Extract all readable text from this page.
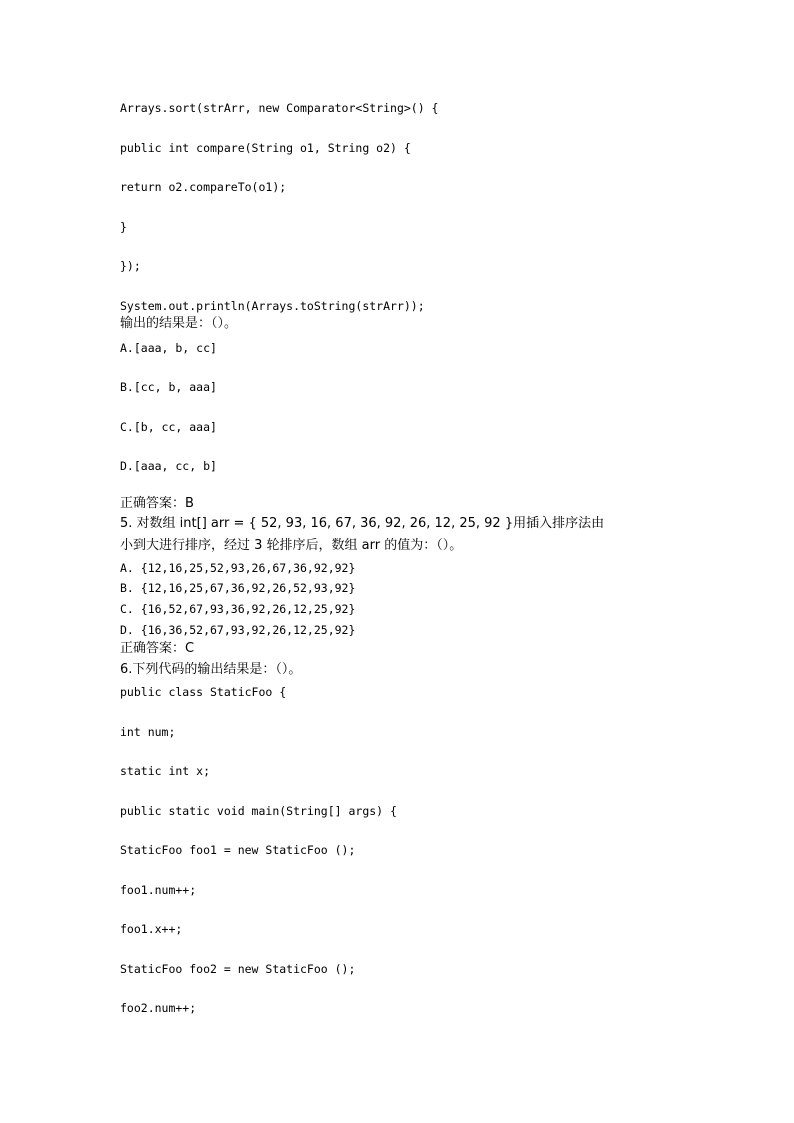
Arrays.sort(strArr, new Comparator<String>() {
public int compare(String o1, String o2) {
return o2.compareTo(o1);
}
});
System.out.println(Arrays.toString(strArr));
输出的结果是：（）。
A.[aaa, b, cc]
B.[cc, b, aaa]
C.[b, cc, aaa]
D.[aaa, cc, b]
正确答案：B
5. 对数组 int[] arr = { 52, 93, 16, 67, 36, 92, 26, 12, 25, 92 }用插入排序法由
小到大进行排序，经过 3 轮排序后，数组 arr 的值为：（）。
A. {12,16,25,52,93,26,67,36,92,92}
B. {12,16,25,67,36,92,26,52,93,92}
C. {16,52,67,93,36,92,26,12,25,92}
D. {16,36,52,67,93,92,26,12,25,92}
正确答案：C
6.下列代码的输出结果是：（）。
public class StaticFoo {
int num;
static int x;
public static void main(String[] args) {
StaticFoo foo1 = new StaticFoo ();
foo1.num++;
foo1.x++;
StaticFoo foo2 = new StaticFoo ();
foo2.num++;
